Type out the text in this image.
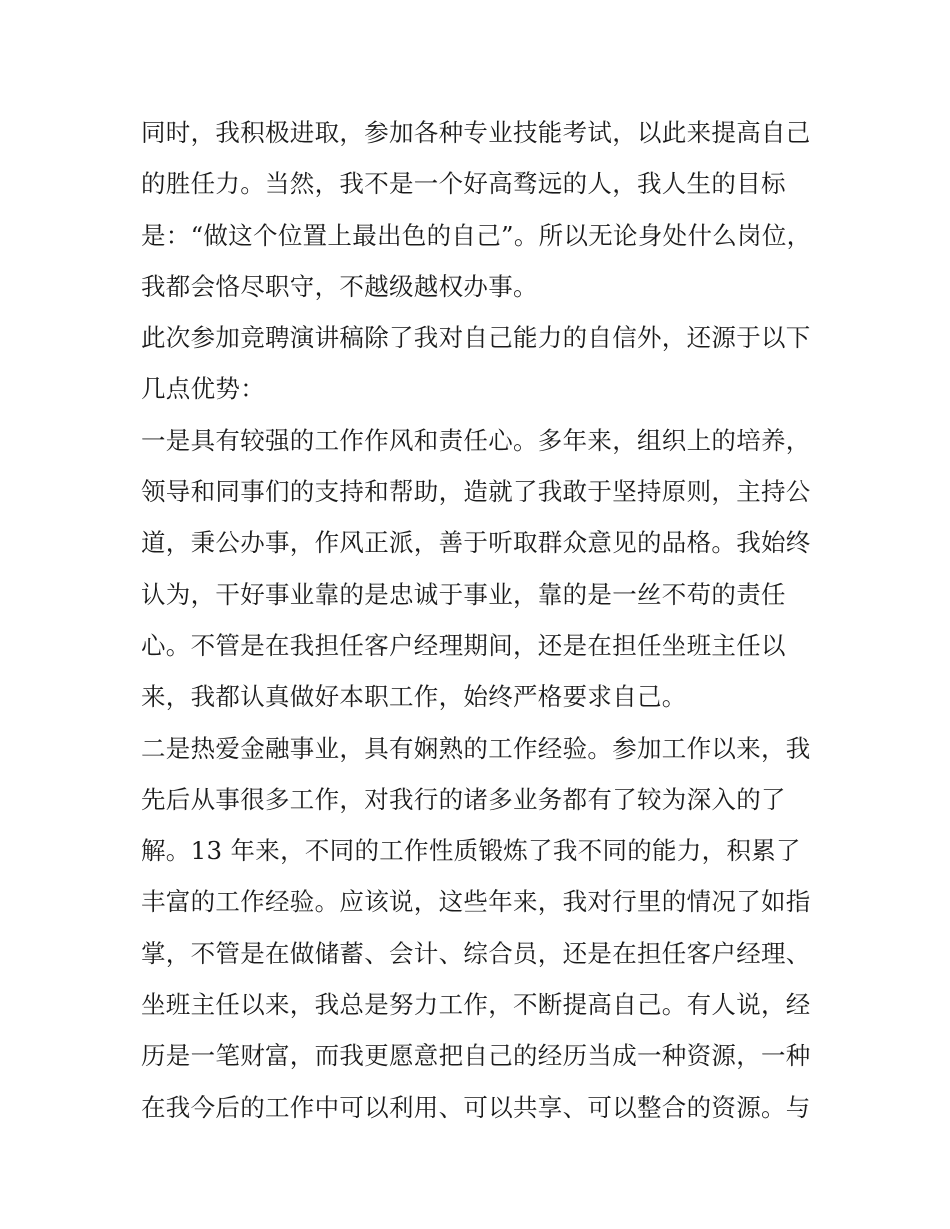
同时，我积极进取，参加各种专业技能考试，以此来提高自己
的胜任力。当然，我不是一个好高骛远的人，我人生的目标
是：“做这个位置上最出色的自己”。所以无论身处什么岗位，
我都会恪尽职守，不越级越权办事。
此次参加竞聘演讲稿除了我对自己能力的自信外，还源于以下
几点优势：
一是具有较强的工作作风和责任心。多年来，组织上的培养，
领导和同事们的支持和帮助，造就了我敢于坚持原则，主持公
道，秉公办事，作风正派，善于听取群众意见的品格。我始终
认为，干好事业靠的是忠诚于事业，靠的是一丝不苟的责任
心。不管是在我担任客户经理期间，还是在担任坐班主任以
来，我都认真做好本职工作，始终严格要求自己。
二是热爱金融事业，具有娴熟的工作经验。参加工作以来，我
先后从事很多工作，对我行的诸多业务都有了较为深入的了
解。13 年来，不同的工作性质锻炼了我不同的能力，积累了
丰富的工作经验。应该说，这些年来，我对行里的情况了如指
掌，不管是在做储蓄、会计、综合员，还是在担任客户经理、
坐班主任以来，我总是努力工作，不断提高自己。有人说，经
历是一笔财富，而我更愿意把自己的经历当成一种资源，一种
在我今后的工作中可以利用、可以共享、可以整合的资源。与
